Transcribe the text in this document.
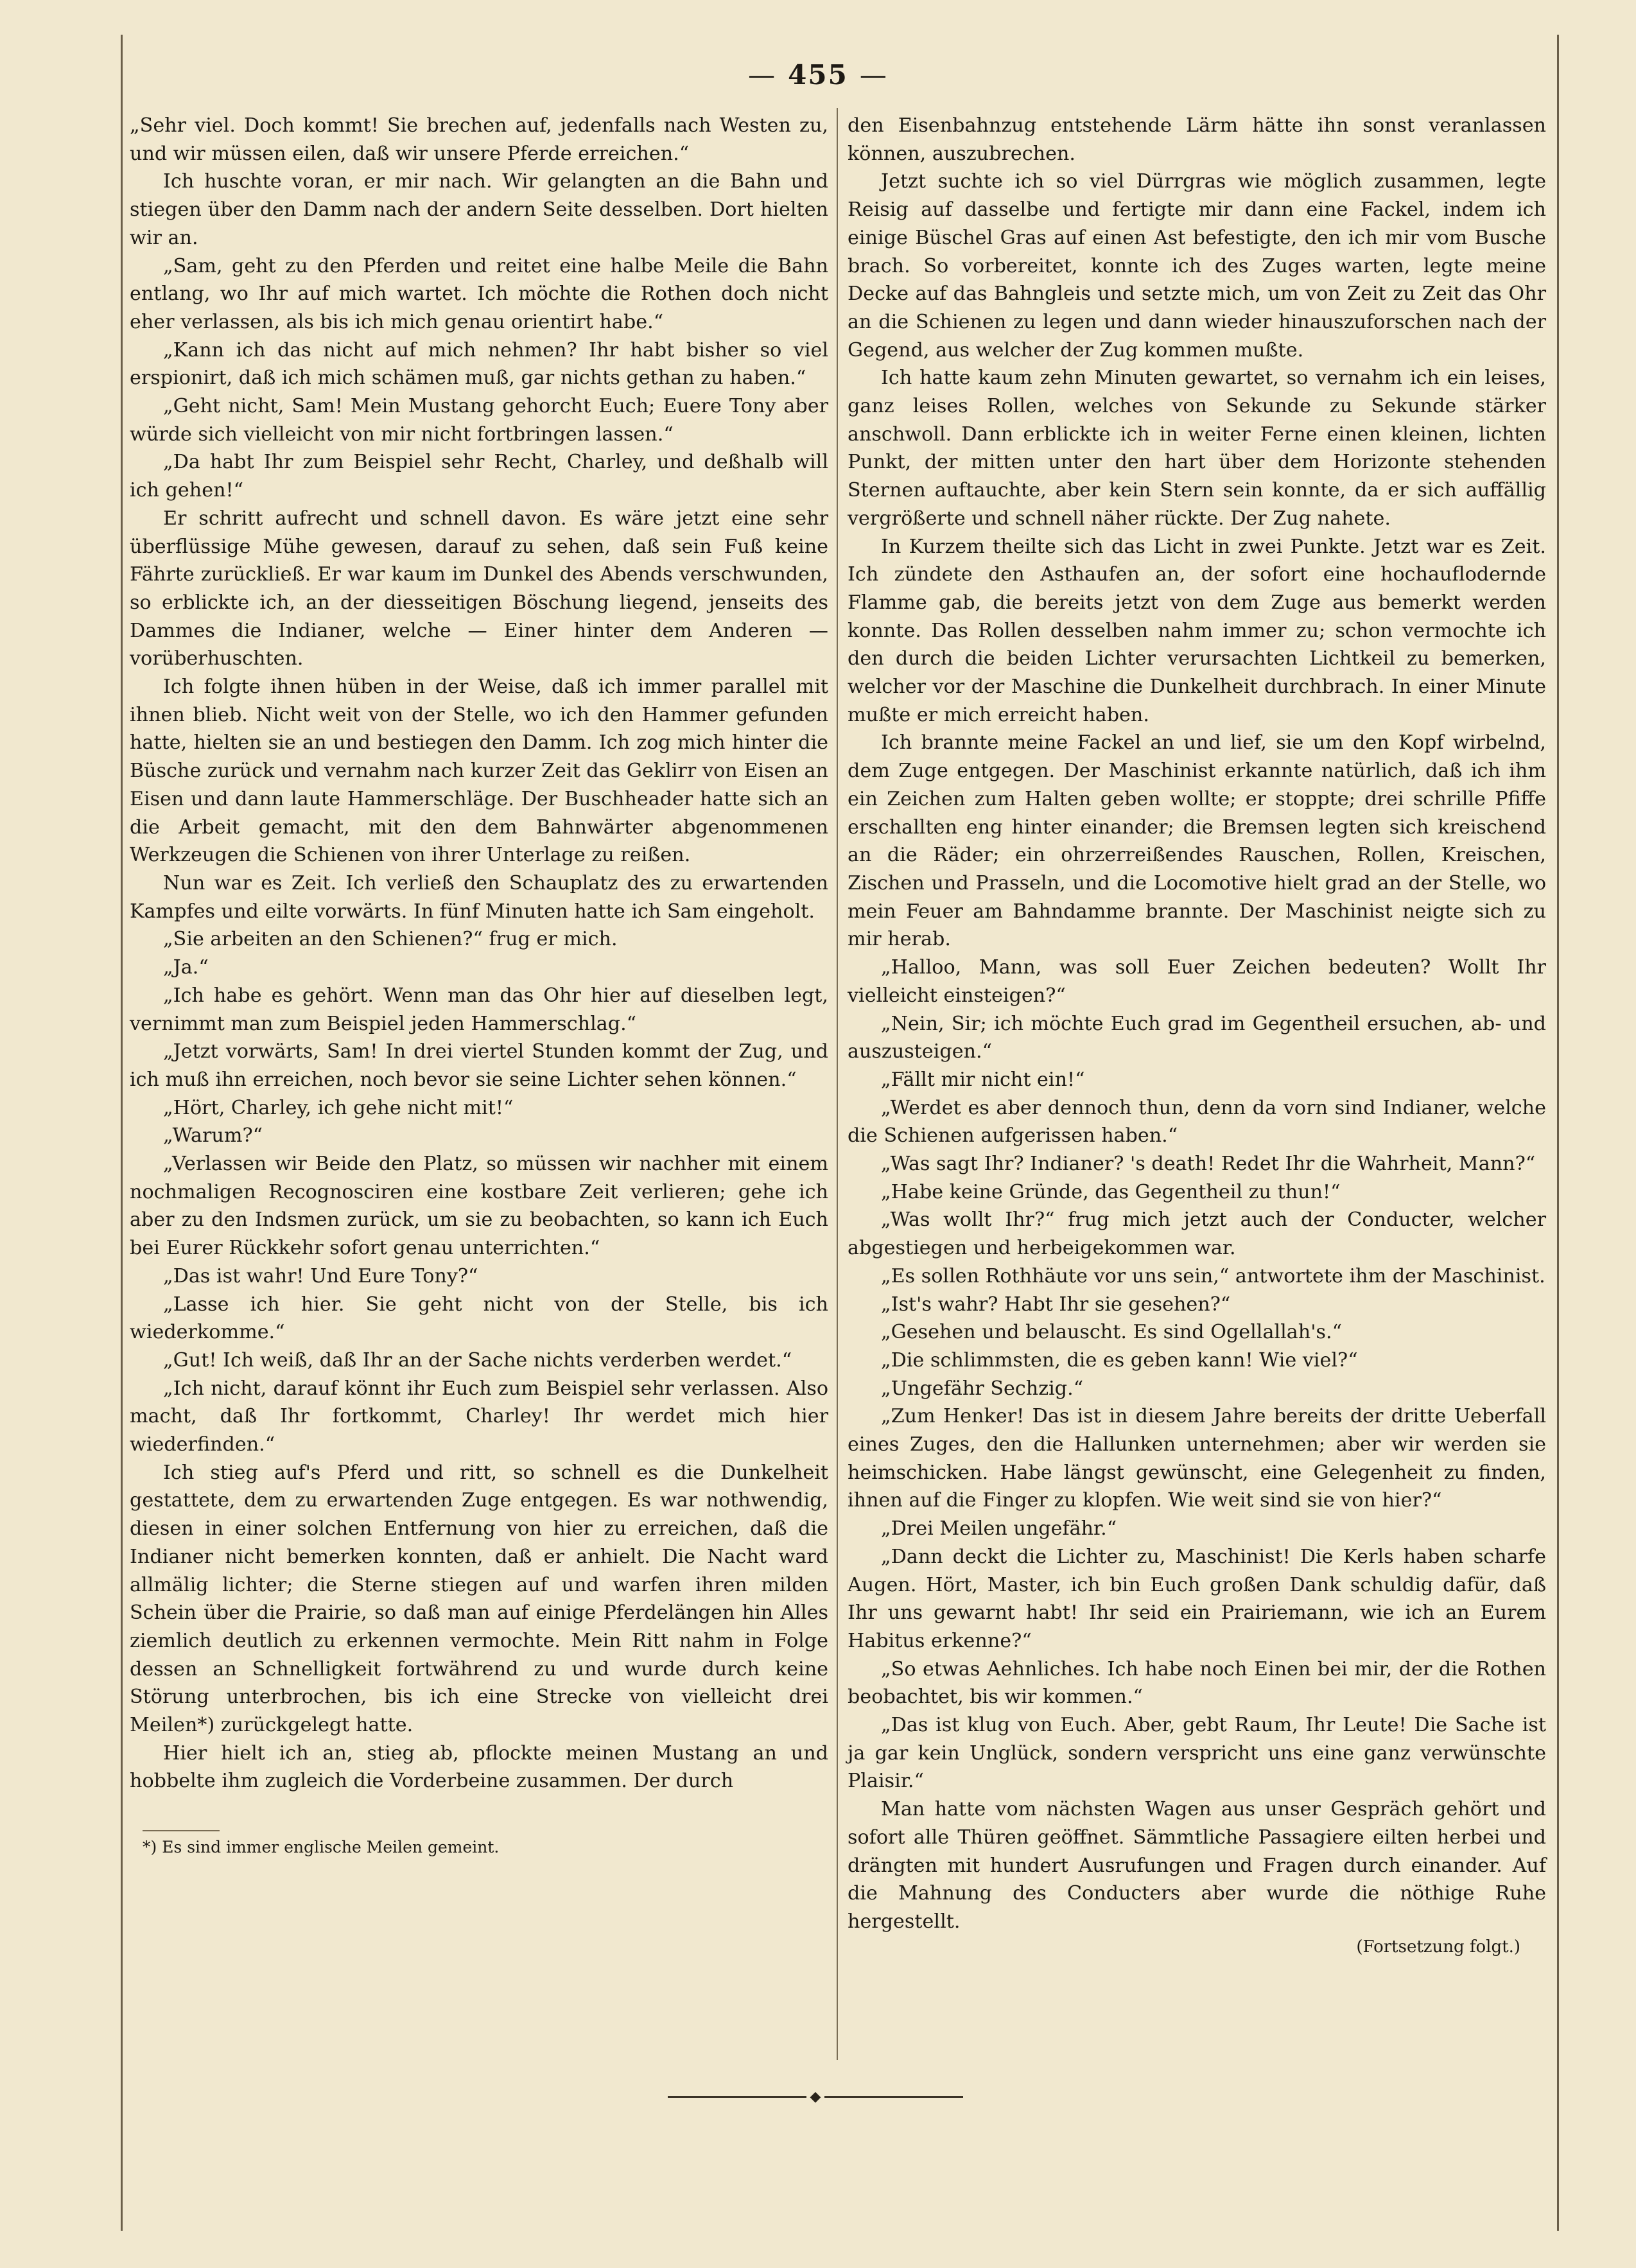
— 455 —

„Sehr viel. Doch kommt! Sie brechen auf, jedenfalls nach Westen zu, und wir müssen eilen, daß wir unsere Pferde erreichen.“

Ich huschte voran, er mir nach. Wir gelangten an die Bahn und stiegen über den Damm nach der andern Seite desselben. Dort hielten wir an.

„Sam, geht zu den Pferden und reitet eine halbe Meile die Bahn entlang, wo Ihr auf mich wartet. Ich möchte die Rothen doch nicht eher verlassen, als bis ich mich genau orientirt habe.“

„Kann ich das nicht auf mich nehmen? Ihr habt bisher so viel erspionirt, daß ich mich schämen muß, gar nichts gethan zu haben.“

„Geht nicht, Sam! Mein Mustang gehorcht Euch; Euere Tony aber würde sich vielleicht von mir nicht fortbringen lassen.“

„Da habt Ihr zum Beispiel sehr Recht, Charley, und deßhalb will ich gehen!“

Er schritt aufrecht und schnell davon. Es wäre jetzt eine sehr überflüssige Mühe gewesen, darauf zu sehen, daß sein Fuß keine Fährte zurückließ. Er war kaum im Dunkel des Abends verschwunden, so erblickte ich, an der diesseitigen Böschung liegend, jenseits des Dammes die Indianer, welche — Einer hinter dem Anderen — vorüberhuschten.

Ich folgte ihnen hüben in der Weise, daß ich immer parallel mit ihnen blieb. Nicht weit von der Stelle, wo ich den Hammer gefunden hatte, hielten sie an und bestiegen den Damm. Ich zog mich hinter die Büsche zurück und vernahm nach kurzer Zeit das Geklirr von Eisen an Eisen und dann laute Hammerschläge. Der Buschheader hatte sich an die Arbeit gemacht, mit den dem Bahnwärter abgenommenen Werkzeugen die Schienen von ihrer Unterlage zu reißen.

Nun war es Zeit. Ich verließ den Schauplatz des zu erwartenden Kampfes und eilte vorwärts. In fünf Minuten hatte ich Sam eingeholt.

„Sie arbeiten an den Schienen?“ frug er mich.

„Ja.“

„Ich habe es gehört. Wenn man das Ohr hier auf dieselben legt, vernimmt man zum Beispiel jeden Hammerschlag.“

„Jetzt vorwärts, Sam! In drei viertel Stunden kommt der Zug, und ich muß ihn erreichen, noch bevor sie seine Lichter sehen können.“

„Hört, Charley, ich gehe nicht mit!“

„Warum?“

„Verlassen wir Beide den Platz, so müssen wir nachher mit einem nochmaligen Recognosciren eine kostbare Zeit verlieren; gehe ich aber zu den Indsmen zurück, um sie zu beobachten, so kann ich Euch bei Eurer Rückkehr sofort genau unterrichten.“

„Das ist wahr! Und Eure Tony?“

„Lasse ich hier. Sie geht nicht von der Stelle, bis ich wiederkomme.“

„Gut! Ich weiß, daß Ihr an der Sache nichts verderben werdet.“

„Ich nicht, darauf könnt ihr Euch zum Beispiel sehr verlassen. Also macht, daß Ihr fortkommt, Charley! Ihr werdet mich hier wiederfinden.“

Ich stieg auf's Pferd und ritt, so schnell es die Dunkelheit gestattete, dem zu erwartenden Zuge entgegen. Es war nothwendig, diesen in einer solchen Entfernung von hier zu erreichen, daß die Indianer nicht bemerken konnten, daß er anhielt. Die Nacht ward allmälig lichter; die Sterne stiegen auf und warfen ihren milden Schein über die Prairie, so daß man auf einige Pferdelängen hin Alles ziemlich deutlich zu erkennen vermochte. Mein Ritt nahm in Folge dessen an Schnelligkeit fortwährend zu und wurde durch keine Störung unterbrochen, bis ich eine Strecke von vielleicht drei Meilen*) zurückgelegt hatte.

Hier hielt ich an, stieg ab, pflockte meinen Mustang an und hobbelte ihm zugleich die Vorderbeine zusammen. Der durch

*) Es sind immer englische Meilen gemeint.

den Eisenbahnzug entstehende Lärm hätte ihn sonst veranlassen können, auszubrechen.

Jetzt suchte ich so viel Dürrgras wie möglich zusammen, legte Reisig auf dasselbe und fertigte mir dann eine Fackel, indem ich einige Büschel Gras auf einen Ast befestigte, den ich mir vom Busche brach. So vorbereitet, konnte ich des Zuges warten, legte meine Decke auf das Bahngleis und setzte mich, um von Zeit zu Zeit das Ohr an die Schienen zu legen und dann wieder hinauszuforschen nach der Gegend, aus welcher der Zug kommen mußte.

Ich hatte kaum zehn Minuten gewartet, so vernahm ich ein leises, ganz leises Rollen, welches von Sekunde zu Sekunde stärker anschwoll. Dann erblickte ich in weiter Ferne einen kleinen, lichten Punkt, der mitten unter den hart über dem Horizonte stehenden Sternen auftauchte, aber kein Stern sein konnte, da er sich auffällig vergrößerte und schnell näher rückte. Der Zug nahete.

In Kurzem theilte sich das Licht in zwei Punkte. Jetzt war es Zeit. Ich zündete den Asthaufen an, der sofort eine hochauflodernde Flamme gab, die bereits jetzt von dem Zuge aus bemerkt werden konnte. Das Rollen desselben nahm immer zu; schon vermochte ich den durch die beiden Lichter verursachten Lichtkeil zu bemerken, welcher vor der Maschine die Dunkelheit durchbrach. In einer Minute mußte er mich erreicht haben.

Ich brannte meine Fackel an und lief, sie um den Kopf wirbelnd, dem Zuge entgegen. Der Maschinist erkannte natürlich, daß ich ihm ein Zeichen zum Halten geben wollte; er stoppte; drei schrille Pfiffe erschallten eng hinter einander; die Bremsen legten sich kreischend an die Räder; ein ohrzerreißendes Rauschen, Rollen, Kreischen, Zischen und Prasseln, und die Locomotive hielt grad an der Stelle, wo mein Feuer am Bahndamme brannte. Der Maschinist neigte sich zu mir herab.

„Halloo, Mann, was soll Euer Zeichen bedeuten? Wollt Ihr vielleicht einsteigen?“

„Nein, Sir; ich möchte Euch grad im Gegentheil ersuchen, ab- und auszusteigen.“

„Fällt mir nicht ein!“

„Werdet es aber dennoch thun, denn da vorn sind Indianer, welche die Schienen aufgerissen haben.“

„Was sagt Ihr? Indianer? 's death! Redet Ihr die Wahrheit, Mann?“

„Habe keine Gründe, das Gegentheil zu thun!“

„Was wollt Ihr?“ frug mich jetzt auch der Conducter, welcher abgestiegen und herbeigekommen war.

„Es sollen Rothhäute vor uns sein,“ antwortete ihm der Maschinist.

„Ist's wahr? Habt Ihr sie gesehen?“

„Gesehen und belauscht. Es sind Ogellallah's.“

„Die schlimmsten, die es geben kann! Wie viel?“

„Ungefähr Sechzig.“

„Zum Henker! Das ist in diesem Jahre bereits der dritte Ueberfall eines Zuges, den die Hallunken unternehmen; aber wir werden sie heimschicken. Habe längst gewünscht, eine Gelegenheit zu finden, ihnen auf die Finger zu klopfen. Wie weit sind sie von hier?“

„Drei Meilen ungefähr.“

„Dann deckt die Lichter zu, Maschinist! Die Kerls haben scharfe Augen. Hört, Master, ich bin Euch großen Dank schuldig dafür, daß Ihr uns gewarnt habt! Ihr seid ein Prairiemann, wie ich an Eurem Habitus erkenne?“

„So etwas Aehnliches. Ich habe noch Einen bei mir, der die Rothen beobachtet, bis wir kommen.“

„Das ist klug von Euch. Aber, gebt Raum, Ihr Leute! Die Sache ist ja gar kein Unglück, sondern verspricht uns eine ganz verwünschte Plaisir.“

Man hatte vom nächsten Wagen aus unser Gespräch gehört und sofort alle Thüren geöffnet. Sämmtliche Passagiere eilten herbei und drängten mit hundert Ausrufungen und Fragen durch einander. Auf die Mahnung des Conducters aber wurde die nöthige Ruhe hergestellt.

(Fortsetzung folgt.)
◆
